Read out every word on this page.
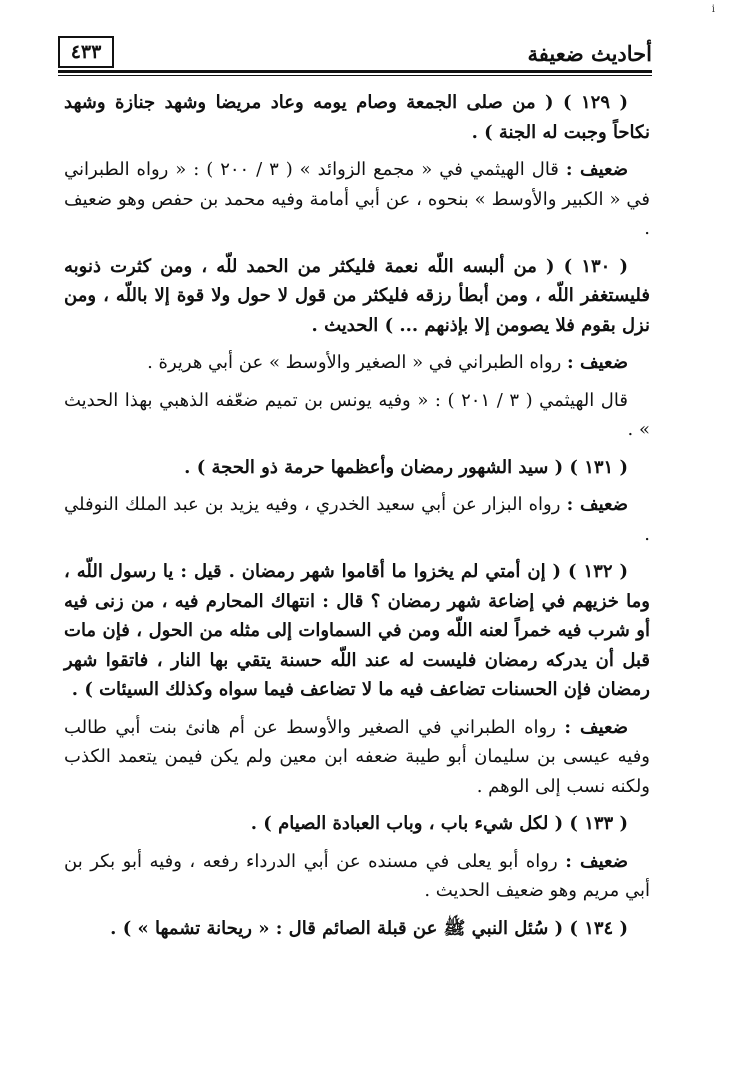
i
أحاديث ضعيفة
٤٣٣

( ١٢٩ ) ( من صلى الجمعة وصام يومه وعاد مريضا وشهد جنازة وشهد نكاحاً وجبت له الجنة ) .

ضعيف : قال الهيثمي في « مجمع الزوائد » ( ٣ / ٢٠٠ ) : « رواه الطبراني في « الكبير والأوسط » بنحوه ، عن أبي أمامة وفيه محمد بن حفص وهو ضعيف .

( ١٣٠ ) ( من ألبسه اللّه نعمة فليكثر من الحمد للّه ، ومن كثرت ذنوبه فليستغفر اللّه ، ومن أبطأ رزقه فليكثر من قول لا حول ولا قوة إلا باللّه ، ومن نزل بقوم فلا يصومن إلا بإذنهم ... ) الحديث .

ضعيف : رواه الطبراني في « الصغير والأوسط » عن أبي هريرة .

قال الهيثمي ( ٣ / ٢٠١ ) : « وفيه يونس بن تميم ضعّفه الذهبي بهذا الحديث » .

( ١٣١ ) ( سيد الشهور رمضان وأعظمها حرمة ذو الحجة ) .

ضعيف : رواه البزار عن أبي سعيد الخدري ، وفيه يزيد بن عبد الملك النوفلي .

( ١٣٢ ) ( إن أمتي لم يخزوا ما أقاموا شهر رمضان . قيل : يا رسول اللّه ، وما خزيهم في إضاعة شهر رمضان ؟ قال : انتهاك المحارم فيه ، من زنى فيه أو شرب فيه خمراً لعنه اللّه ومن في السماوات إلى مثله من الحول ، فإن مات قبل أن يدركه رمضان فليست له عند اللّه حسنة يتقي بها النار ، فاتقوا شهر رمضان فإن الحسنات تضاعف فيه ما لا تضاعف فيما سواه وكذلك السيئات ) .

ضعيف : رواه الطبراني في الصغير والأوسط عن أم هانئ بنت أبي طالب وفيه عيسى بن سليمان أبو طيبة ضعفه ابن معين ولم يكن فيمن يتعمد الكذب ولكنه نسب إلى الوهم .

( ١٣٣ ) ( لكل شيء باب ، وباب العبادة الصيام ) .

ضعيف : رواه أبو يعلى في مسنده عن أبي الدرداء رفعه ، وفيه أبو بكر بن أبي مريم وهو ضعيف الحديث .

( ١٣٤ ) ( سُئل النبي ﷺ عن قبلة الصائم قال : « ريحانة تشمها » ) .
